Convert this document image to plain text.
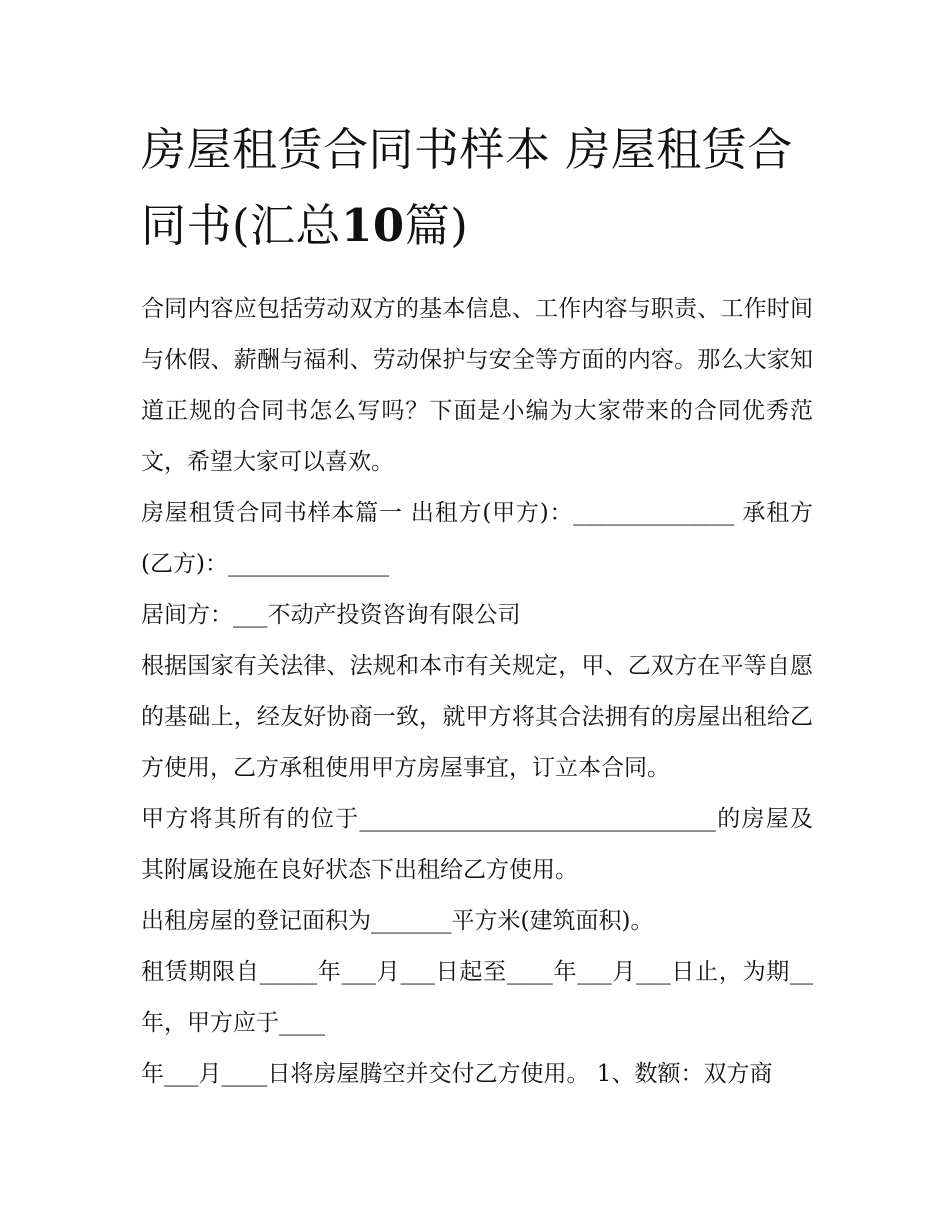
房屋租赁合同书样本 房屋租赁合同书(汇总10篇)

合同内容应包括劳动双方的基本信息、工作内容与职责、工作时间与休假、薪酬与福利、劳动保护与安全等方面的内容。那么大家知道正规的合同书怎么写吗？下面是小编为大家带来的合同优秀范文，希望大家可以喜欢。

房屋租赁合同书样本篇一 出租方(甲方)：______________ 承租方(乙方)：______________

居间方：___不动产投资咨询有限公司

根据国家有关法律、法规和本市有关规定，甲、乙双方在平等自愿的基础上，经友好协商一致，就甲方将其合法拥有的房屋出租给乙方使用，乙方承租使用甲方房屋事宜，订立本合同。

甲方将其所有的位于_______________________________的房屋及其附属设施在良好状态下出租给乙方使用。

出租房屋的登记面积为_______平方米(建筑面积)。

租赁期限自_____年___月___日起至____年___月___日止，为期__年，甲方应于____

年___月____日将房屋腾空并交付乙方使用。 1、数额：双方商
